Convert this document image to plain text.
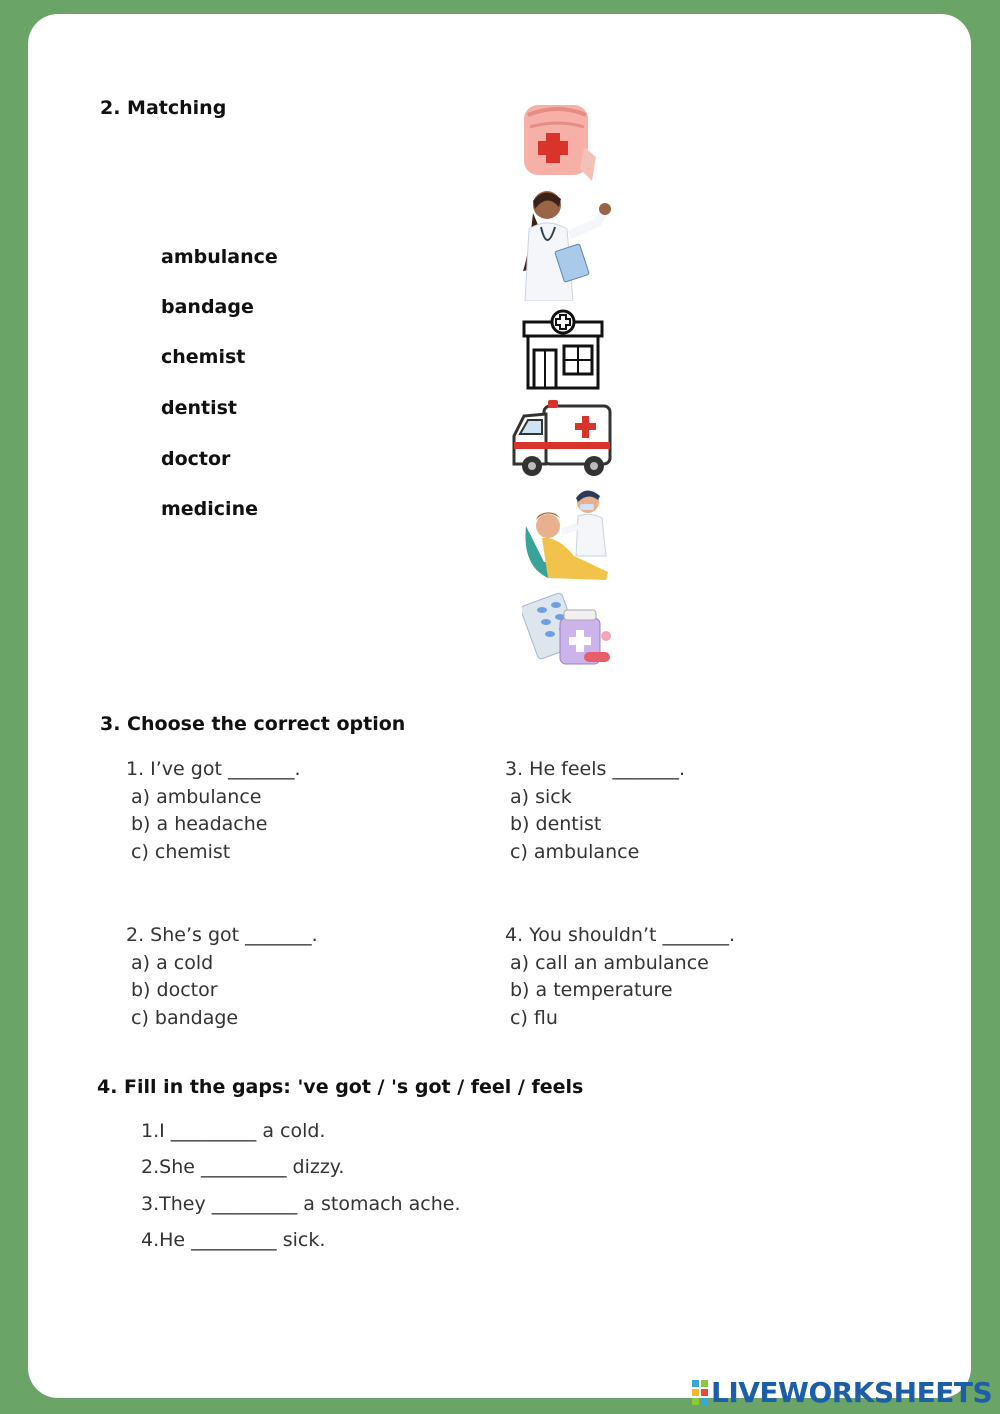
2. Matching
ambulance
bandage
chemist
dentist
doctor
medicine
3. Choose the correct option
1. I’ve got _______.
a) ambulance
b) a headache
c) chemist
2. She’s got _______.
a) a cold
b) doctor
c) bandage
3. He feels _______.
a) sick
b) dentist
c) ambulance
4. You shouldn’t _______.
a) call an ambulance
b) a temperature
c) flu
4. Fill in the gaps: 've got / 's got / feel / feels
1.I _________ a cold.
2.She _________ dizzy.
3.They _________ a stomach ache.
4.He _________ sick.
LIVEWORKSHEETS
